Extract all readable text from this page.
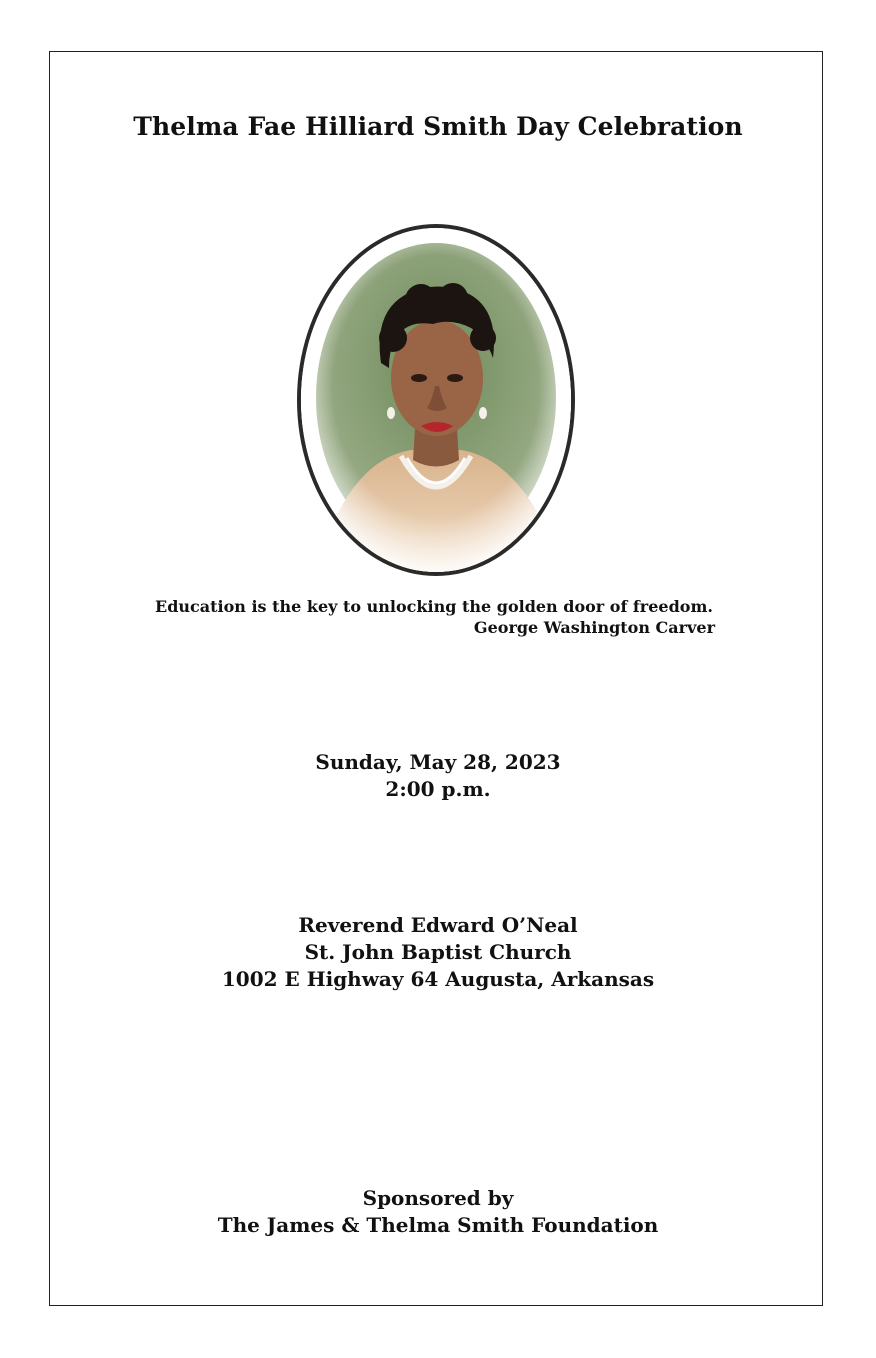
Thelma Fae Hilliard Smith Day Celebration
Education is the key to unlocking the golden door of freedom.
George Washington Carver
Sunday, May 28, 2023
2:00 p.m.
Reverend Edward O’Neal
St. John Baptist Church
1002 E Highway 64 Augusta, Arkansas
Sponsored by
The James & Thelma Smith Foundation
